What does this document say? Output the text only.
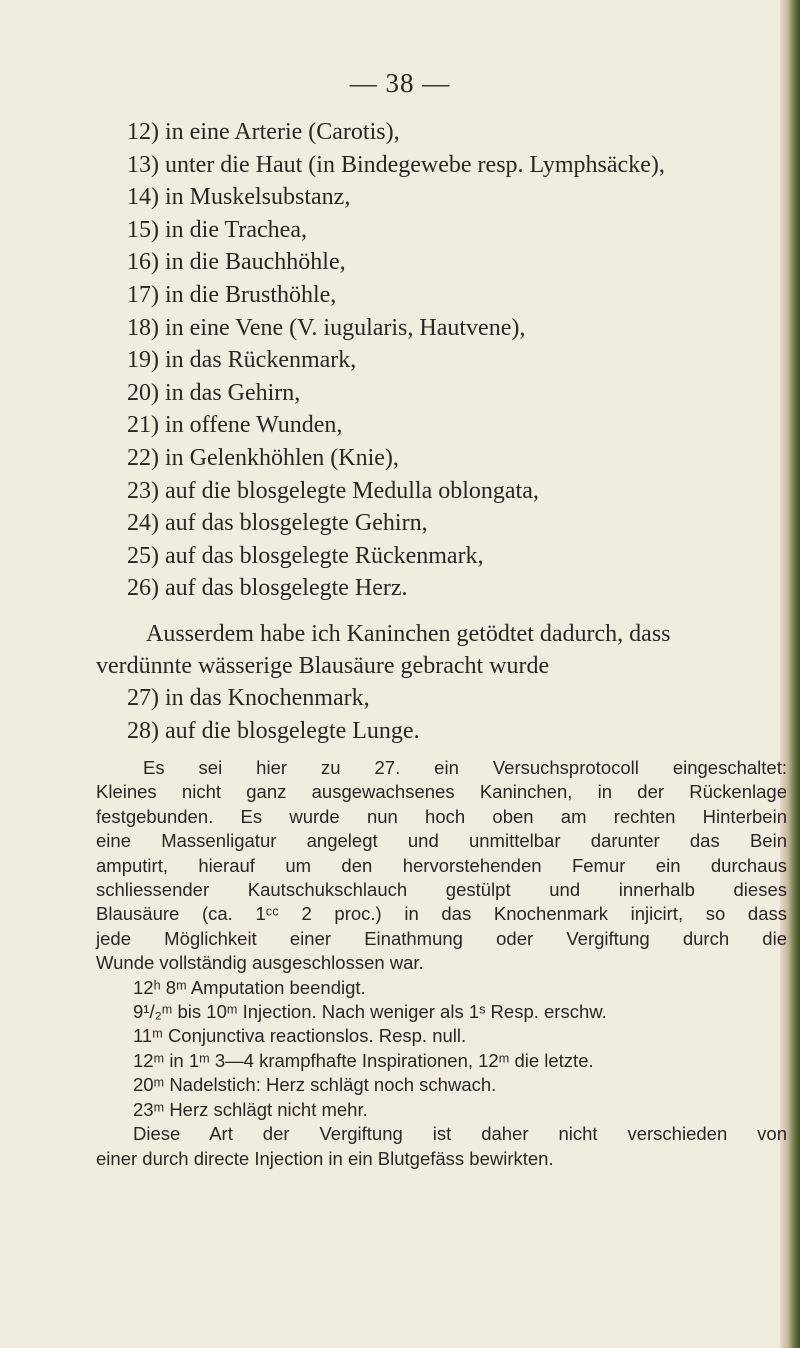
— 38 —
12) in eine Arterie (Carotis),
13) unter die Haut (in Bindegewebe resp. Lymphsäcke),
14) in Muskelsubstanz,
15) in die Trachea,
16) in die Bauchhöhle,
17) in die Brusthöhle,
18) in eine Vene (V. iugularis, Hautvene),
19) in das Rückenmark,
20) in das Gehirn,
21) in offene Wunden,
22) in Gelenkhöhlen (Knie),
23) auf die blosgelegte Medulla oblongata,
24) auf das blosgelegte Gehirn,
25) auf das blosgelegte Rückenmark,
26) auf das blosgelegte Herz.
Ausserdem habe ich Kaninchen getödtet dadurch, dass
verdünnte wässerige Blausäure gebracht wurde
27) in das Knochenmark,
28) auf die blosgelegte Lunge.

Es sei hier zu 27. ein Versuchsprotocoll eingeschaltet:

Kleines nicht ganz ausgewachsenes Kaninchen, in der Rückenlage

festgebunden. Es wurde nun hoch oben am rechten Hinterbein

eine Massenligatur angelegt und unmittelbar darunter das Bein

amputirt, hierauf um den hervorstehenden Femur ein durchaus

schliessender Kautschukschlauch gestülpt und innerhalb dieses

Blausäure (ca. 1ᶜᶜ 2 proc.) in das Knochenmark injicirt, so dass

jede Möglichkeit einer Einathmung oder Vergiftung durch die

Wunde vollständig ausgeschlossen war.

12ʰ 8ᵐ Amputation beendigt.

9¹/₂ᵐ bis 10ᵐ Injection. Nach weniger als 1ˢ Resp. erschw.

11ᵐ Conjunctiva reactionslos. Resp. null.

12ᵐ in 1ᵐ 3—4 krampfhafte Inspirationen, 12ᵐ die letzte.

20ᵐ Nadelstich: Herz schlägt noch schwach.

23ᵐ Herz schlägt nicht mehr.

Diese Art der Vergiftung ist daher nicht verschieden von

einer durch directe Injection in ein Blutgefäss bewirkten.
